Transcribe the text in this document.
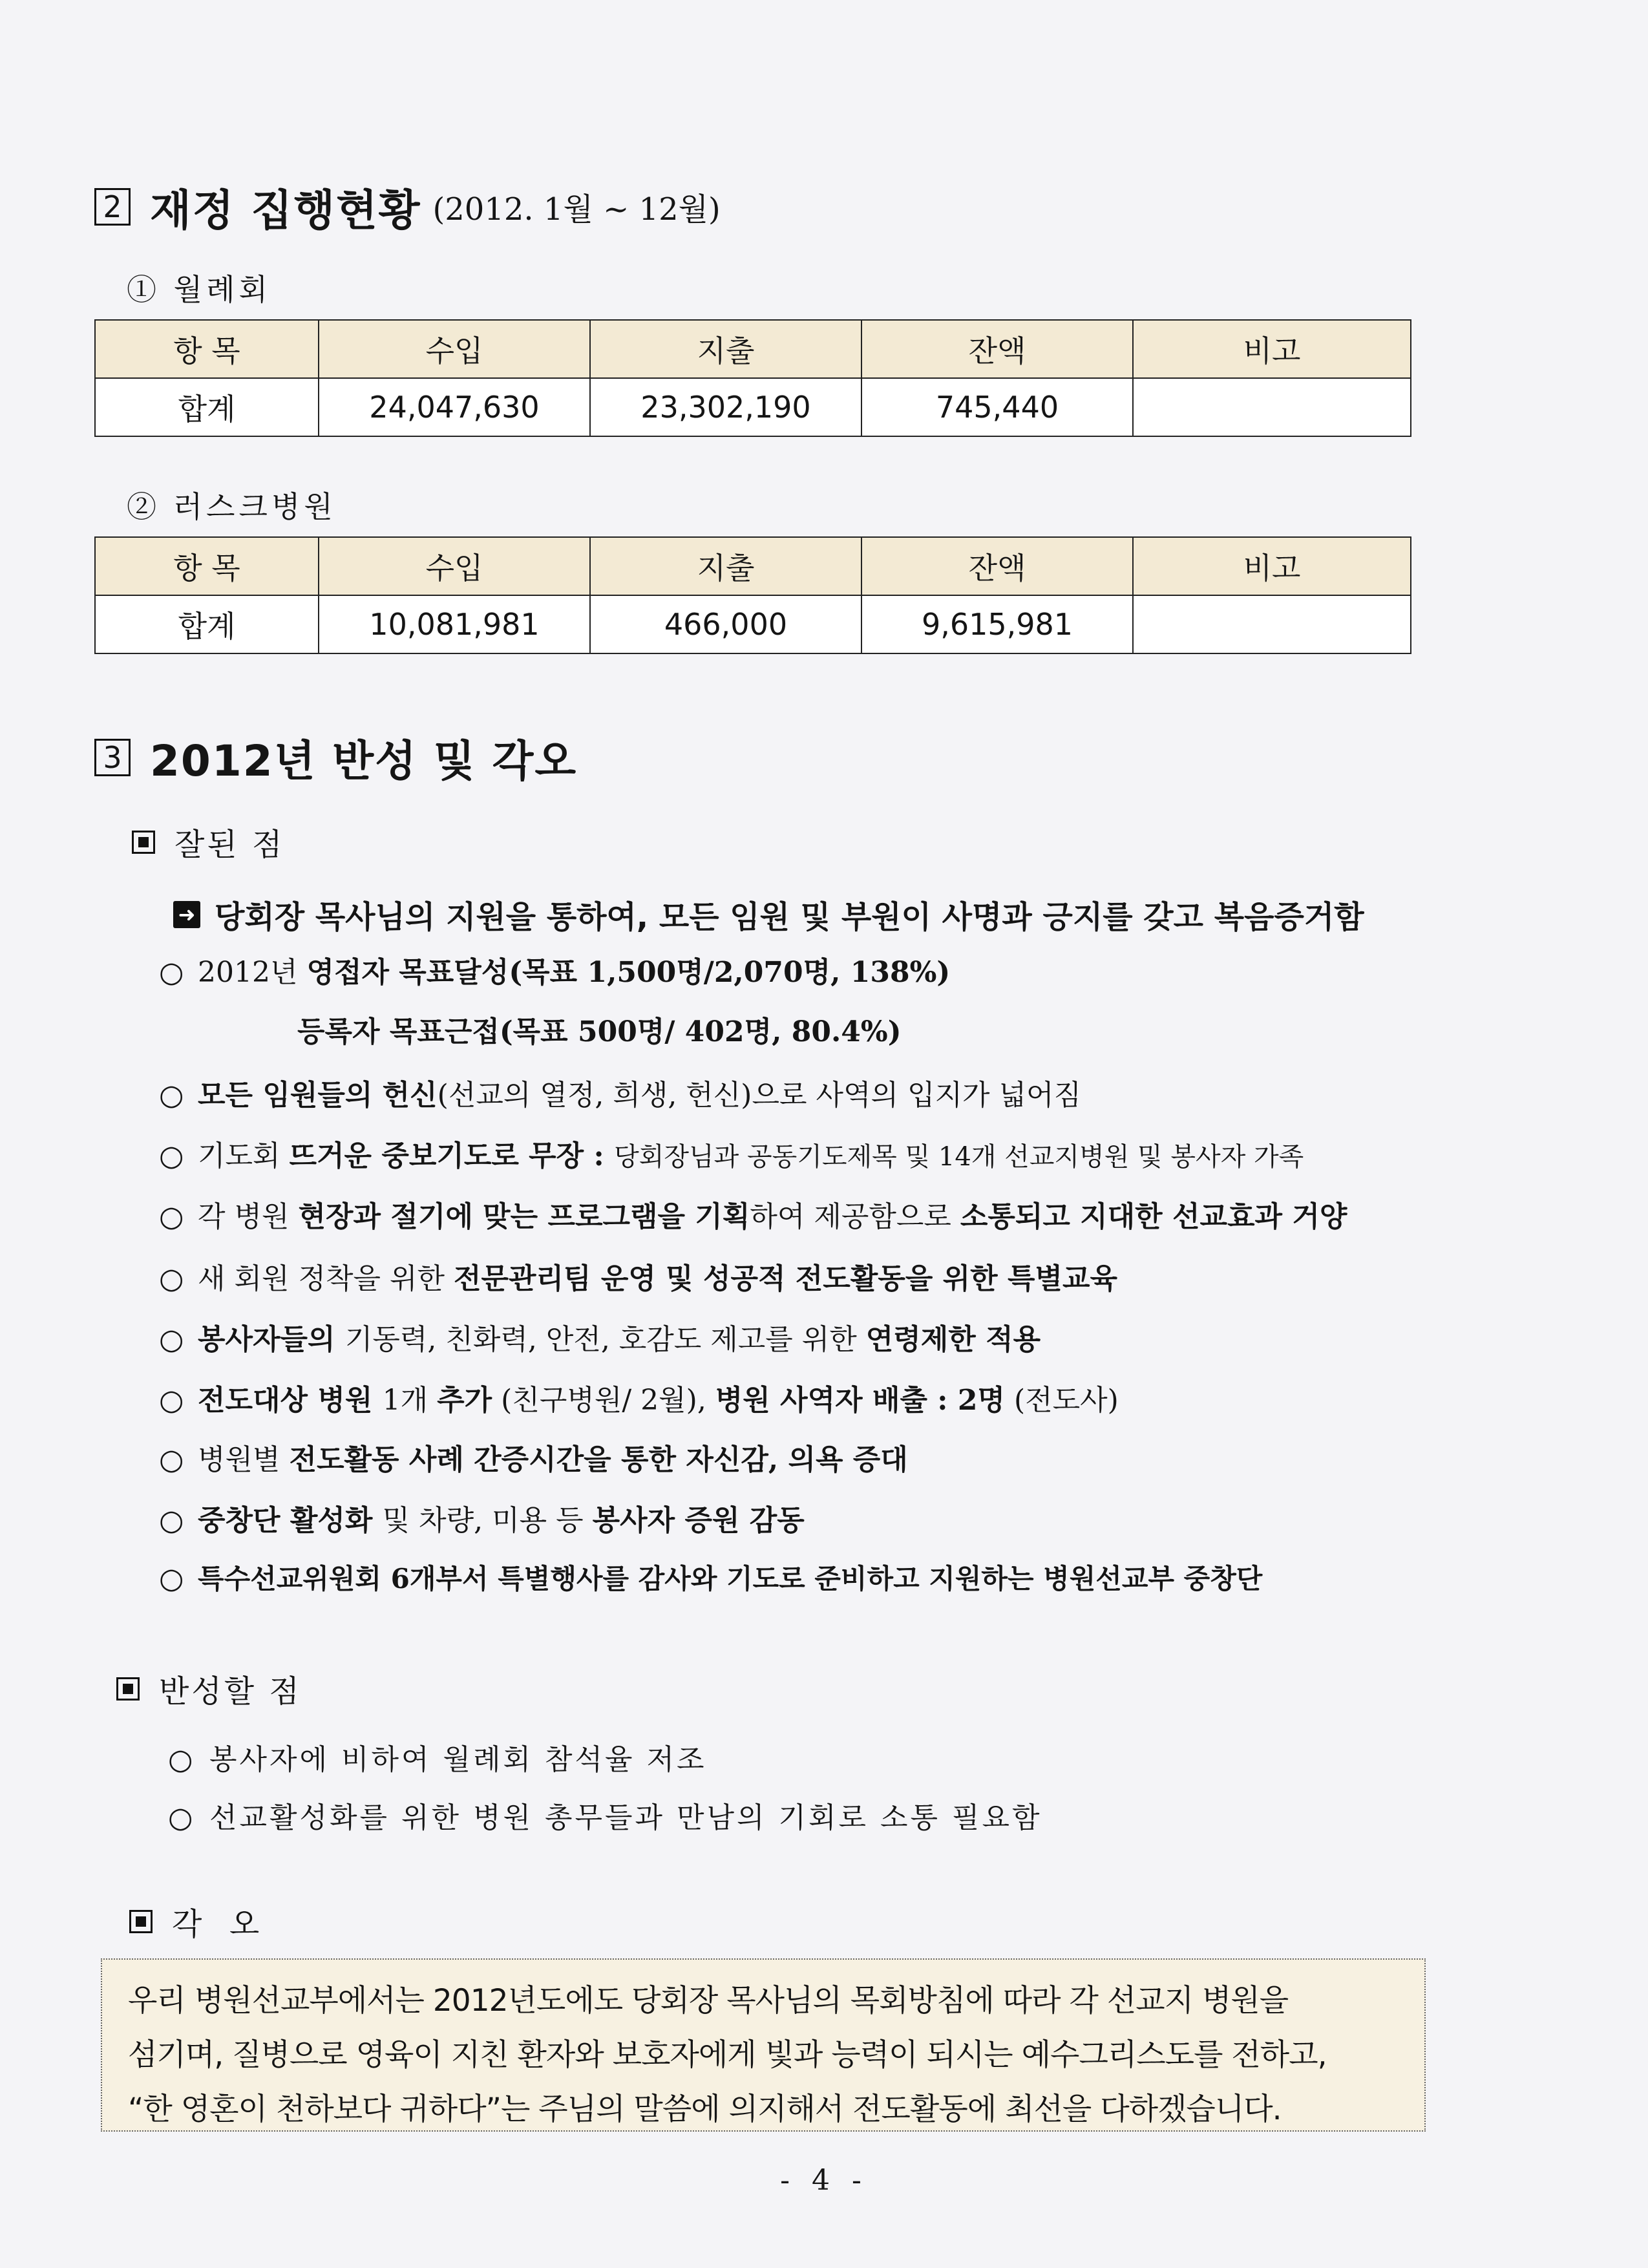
2 재정 집행현황 (2012. 1월 ~ 12월)
① 월례회
항 목	수입	지출	잔액	비고
합계	24,047,630	23,302,190	745,440	
② 러스크병원
항 목	수입	지출	잔액	비고
합계	10,081,981	466,000	9,615,981	
3 2012년 반성 및 각오
잘된 점
➜ 당회장 목사님의 지원을 통하여, 모든 임원 및 부원이 사명과 긍지를 갖고 복음증거함
○ 2012년 영접자 목표달성(목표 1,500명/2,070명, 138%)
등록자 목표근접(목표 500명/ 402명, 80.4%)
○ 모든 임원들의 헌신(선교의 열정, 희생, 헌신)으로 사역의 입지가 넓어짐
○ 기도회 뜨거운 중보기도로 무장 : 당회장님과 공동기도제목 및 14개 선교지병원 및 봉사자 가족
○ 각 병원 현장과 절기에 맞는 프로그램을 기획하여 제공함으로 소통되고 지대한 선교효과 거양
○ 새 회원 정착을 위한 전문관리팀 운영 및 성공적 전도활동을 위한 특별교육
○ 봉사자들의 기동력, 친화력, 안전, 호감도 제고를 위한 연령제한 적용
○ 전도대상 병원 1개 추가 (친구병원/ 2월), 병원 사역자 배출 : 2명 (전도사)
○ 병원별 전도활동 사례 간증시간을 통한 자신감, 의욕 증대
○ 중창단 활성화 및 차량, 미용 등 봉사자 증원 감동
○ 특수선교위원회 6개부서 특별행사를 감사와 기도로 준비하고 지원하는 병원선교부 중창단
반성할 점
○ 봉사자에 비하여 월례회 참석율 저조
○ 선교활성화를 위한 병원 총무들과 만남의 기회로 소통 필요함
각  오
우리 병원선교부에서는 2012년도에도 당회장 목사님의 목회방침에 따라 각 선교지 병원을
섬기며, 질병으로 영육이 지친 환자와 보호자에게 빛과 능력이 되시는 예수그리스도를 전하고,
“한 영혼이 천하보다 귀하다”는 주님의 말씀에 의지해서 전도활동에 최선을 다하겠습니다.
- 4 -
